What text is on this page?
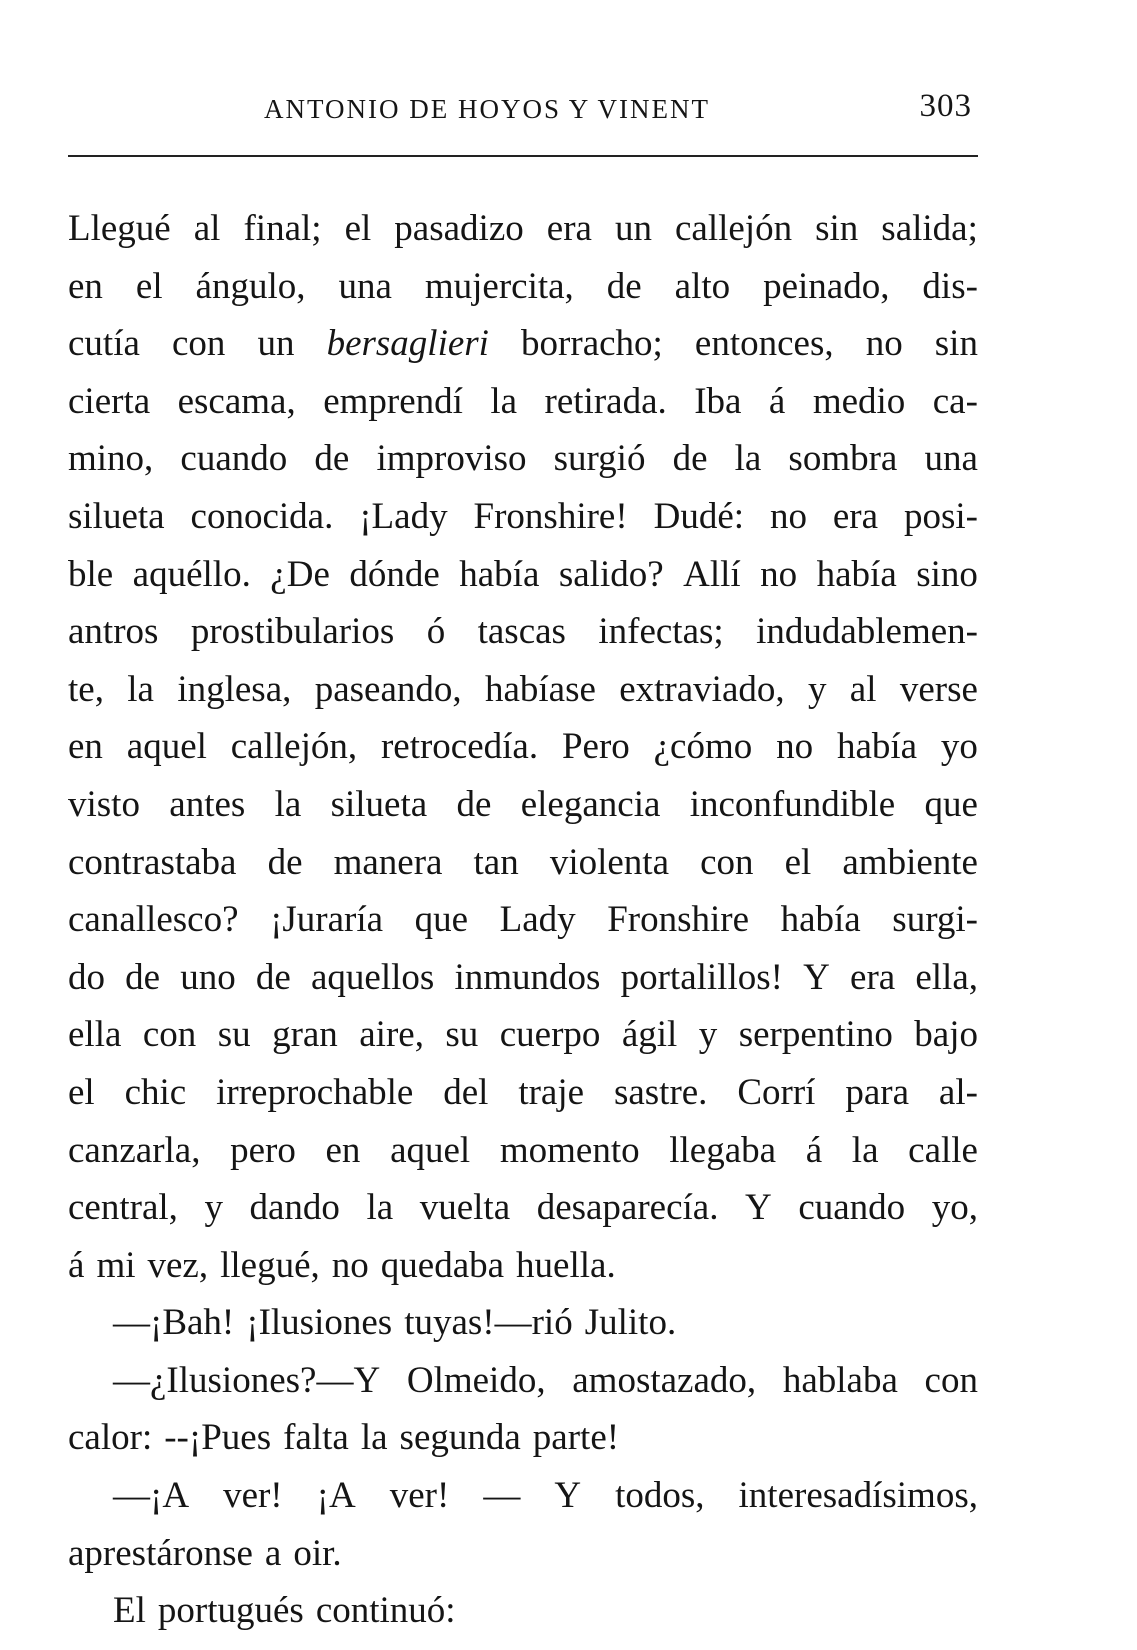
ANTONIO DE HOYOS Y VINENT	303
Llegué al final; el pasadizo era un callejón sin salida;
en el ángulo, una mujercita, de alto peinado, dis-
cutía con un bersaglieri borracho; entonces, no sin
cierta escama, emprendí la retirada. Iba á medio ca-
mino, cuando de improviso surgió de la sombra una
silueta conocida. ¡Lady Fronshire! Dudé: no era posi-
ble aquéllo. ¿De dónde había salido? Allí no había sino
antros prostibularios ó tascas infectas; indudablemen-
te, la inglesa, paseando, habíase extraviado, y al verse
en aquel callejón, retrocedía. Pero ¿cómo no había yo
visto antes la silueta de elegancia inconfundible que
contrastaba de manera tan violenta con el ambiente
canallesco? ¡Juraría que Lady Fronshire había surgi-
do de uno de aquellos inmundos portalillos! Y era ella,
ella con su gran aire, su cuerpo ágil y serpentino bajo
el chic irreprochable del traje sastre. Corrí para al-
canzarla, pero en aquel momento llegaba á la calle
central, y dando la vuelta desaparecía. Y cuando yo,
á mi vez, llegué, no quedaba huella.
—¡Bah! ¡Ilusiones tuyas!—rió Julito.
—¿Ilusiones?—Y Olmeido, amostazado, hablaba con
calor: --¡Pues falta la segunda parte!
—¡A ver! ¡A ver! — Y todos, interesadísimos,
aprestáronse a oir.
El portugués continuó:
